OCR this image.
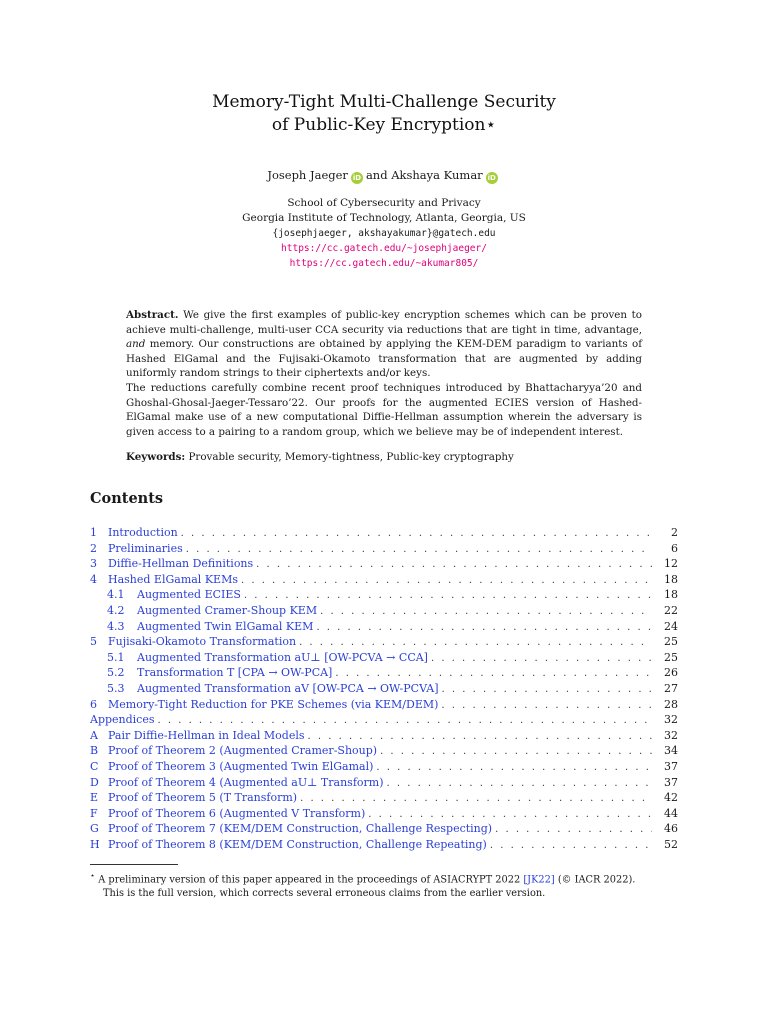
Memory-Tight Multi-Challenge Security
of Public-Key Encryption⋆
Joseph Jaeger iD and Akshaya Kumar iD
School of Cybersecurity and Privacy
Georgia Institute of Technology, Atlanta, Georgia, US
{josephjaeger, akshayakumar}@gatech.edu
https://cc.gatech.edu/~josephjaeger/
https://cc.gatech.edu/~akumar805/

Abstract. We give the first examples of public-key encryption schemes which can be proven to achieve multi-challenge, multi-user CCA security via reductions that are tight in time, advantage, and memory. Our constructions are obtained by applying the KEM-DEM paradigm to variants of Hashed ElGamal and the Fujisaki-Okamoto transformation that are augmented by adding uniformly random strings to their ciphertexts and/or keys.

The reductions carefully combine recent proof techniques introduced by Bhattacharyya’20 and Ghoshal-Ghosal-Jaeger-Tessaro’22. Our proofs for the augmented ECIES version of Hashed-ElGamal make use of a new computational Diffie-Hellman assumption wherein the adversary is given access to a pairing to a random group, which we believe may be of independent interest.

Keywords: Provable security, Memory-tightness, Public-key cryptography
Contents
1	Introduction . . .	2
2	Preliminaries . . .	6
3	Diffie-Hellman Definitions . . .	12
4	Hashed ElGamal KEMs . . .	18
4.1	Augmented ECIES . . .	18
4.2	Augmented Cramer-Shoup KEM . . .	22
4.3	Augmented Twin ElGamal KEM . . .	24
5	Fujisaki-Okamoto Transformation . . .	25
5.1	Augmented Transformation aU⊥ [OW-PCVA → CCA] . . .	25
5.2	Transformation T [CPA → OW-PCA] . . .	26
5.3	Augmented Transformation aV [OW-PCA → OW-PCVA] . . .	27
6	Memory-Tight Reduction for PKE Schemes (via KEM/DEM) . . .	28
Appendices . . .	32
A Pair Diffie-Hellman in Ideal Models . . .	32
B Proof of Theorem 2 (Augmented Cramer-Shoup) . . .	34
C Proof of Theorem 3 (Augmented Twin ElGamal) . . .	37
D Proof of Theorem 4 (Augmented aU⊥ Transform) . . .	37
E Proof of Theorem 5 (T Transform) . . .	42
F Proof of Theorem 6 (Augmented V Transform) . . .	44
G Proof of Theorem 7 (KEM/DEM Construction, Challenge Respecting) . . .	46
H Proof of Theorem 8 (KEM/DEM Construction, Challenge Repeating) . . .	52
⋆ A preliminary version of this paper appeared in the proceedings of ASIACRYPT 2022 [JK22] (© IACR 2022).
This is the full version, which corrects several erroneous claims from the earlier version.
